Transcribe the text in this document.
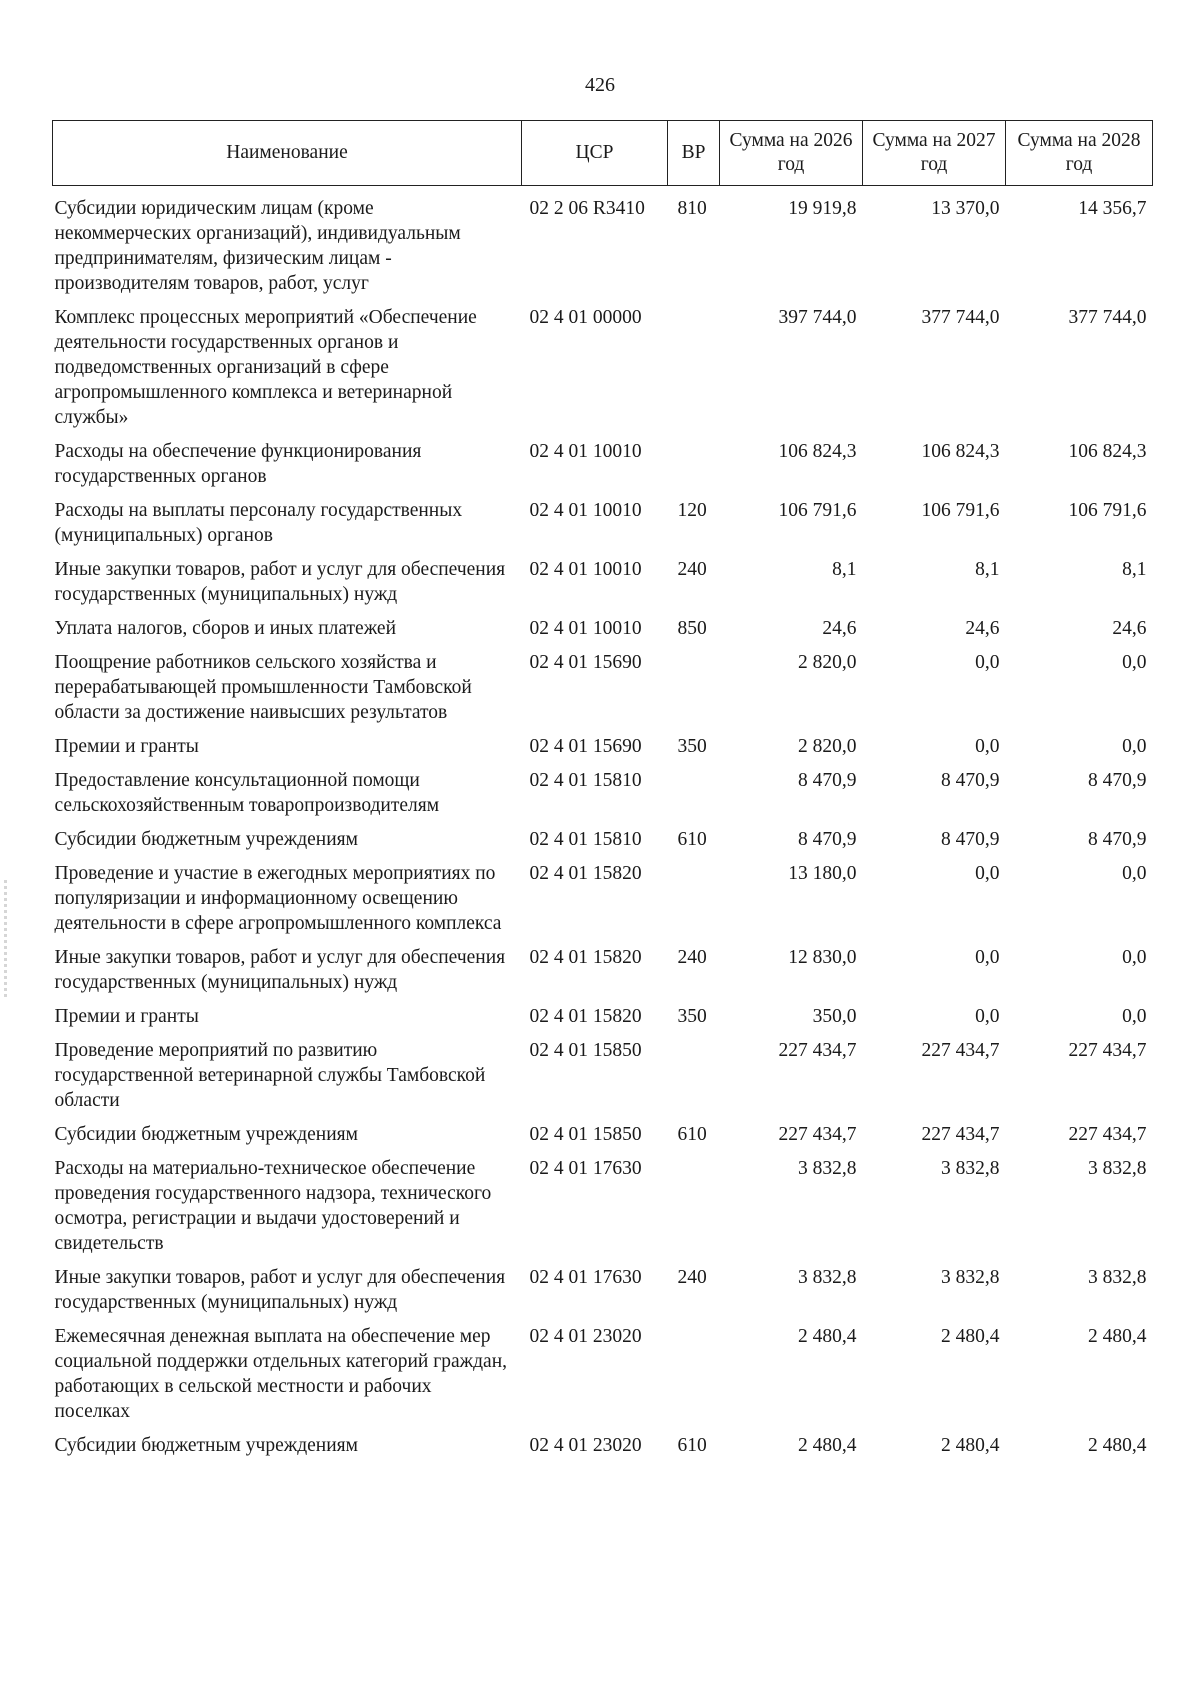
426
Наименование	ЦСР	ВР	Сумма на 2026 год	Сумма на 2027 год	Сумма на 2028 год
Субсидии юридическим лицам (кроме некоммерческих организаций), индивидуальным предпринимателям, физическим лицам - производителям товаров, работ, услуг	02 2 06 R3410	810	19 919,8	13 370,0	14 356,7
Комплекс процессных мероприятий «Обеспечение деятельности государственных органов и подведомственных организаций в сфере агропромышленного комплекса и ветеринарной службы»	02 4 01 00000		397 744,0	377 744,0	377 744,0
Расходы на обеспечение функционирования государственных органов	02 4 01 10010		106 824,3	106 824,3	106 824,3
Расходы на выплаты персоналу государственных (муниципальных) органов	02 4 01 10010	120	106 791,6	106 791,6	106 791,6
Иные закупки товаров, работ и услуг для обеспечения государственных (муниципальных) нужд	02 4 01 10010	240	8,1	8,1	8,1
Уплата налогов, сборов и иных платежей	02 4 01 10010	850	24,6	24,6	24,6
Поощрение работников сельского хозяйства и перерабатывающей промышленности Тамбовской области за достижение наивысших результатов	02 4 01 15690		2 820,0	0,0	0,0
Премии и гранты	02 4 01 15690	350	2 820,0	0,0	0,0
Предоставление консультационной помощи сельскохозяйственным товаропроизводителям	02 4 01 15810		8 470,9	8 470,9	8 470,9
Субсидии бюджетным учреждениям	02 4 01 15810	610	8 470,9	8 470,9	8 470,9
Проведение и участие в ежегодных мероприятиях по популяризации и информационному освещению деятельности в сфере агропромышленного комплекса	02 4 01 15820		13 180,0	0,0	0,0
Иные закупки товаров, работ и услуг для обеспечения государственных (муниципальных) нужд	02 4 01 15820	240	12 830,0	0,0	0,0
Премии и гранты	02 4 01 15820	350	350,0	0,0	0,0
Проведение мероприятий по развитию государственной ветеринарной службы Тамбовской области	02 4 01 15850		227 434,7	227 434,7	227 434,7
Субсидии бюджетным учреждениям	02 4 01 15850	610	227 434,7	227 434,7	227 434,7
Расходы на материально-техническое обеспечение проведения государственного надзора, технического осмотра, регистрации и выдачи удостоверений и свидетельств	02 4 01 17630		3 832,8	3 832,8	3 832,8
Иные закупки товаров, работ и услуг для обеспечения государственных (муниципальных) нужд	02 4 01 17630	240	3 832,8	3 832,8	3 832,8
Ежемесячная денежная выплата на обеспечение мер социальной поддержки отдельных категорий граждан, работающих в сельской местности и рабочих поселках	02 4 01 23020		2 480,4	2 480,4	2 480,4
Субсидии бюджетным учреждениям	02 4 01 23020	610	2 480,4	2 480,4	2 480,4
